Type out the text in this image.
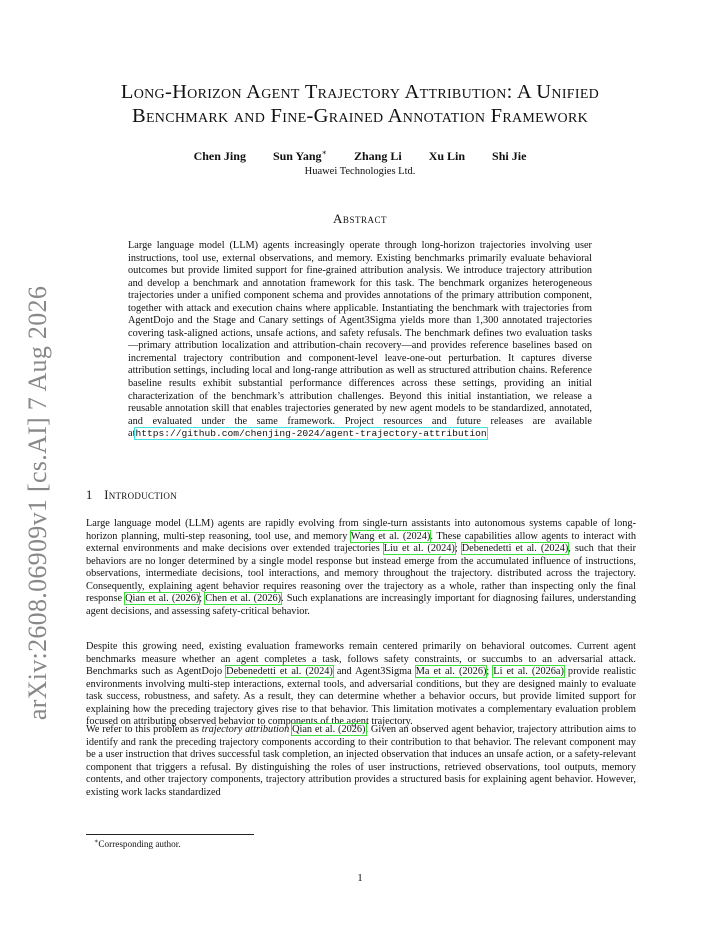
arXiv:2608.06909v1 [cs.AI] 7 Aug 2026
Long-Horizon Agent Trajectory Attribution: A Unified
Benchmark and Fine-Grained Annotation Framework
Chen Jing Sun Yang∗ Zhang Li Xu Lin Shi Jie
Huawei Technologies Ltd.
Abstract
Large language model (LLM) agents increasingly operate through long-horizon trajectories involving user instructions, tool use, external observations, and memory. Existing benchmarks primarily evaluate behavioral outcomes but provide limited support for fine-grained attribution analysis. We introduce trajectory attribution and develop a benchmark and annotation framework for this task. The benchmark organizes heterogeneous trajectories under a unified component schema and provides annotations of the primary attribution component, together with attack and execution chains where applicable. Instantiating the benchmark with trajectories from AgentDojo and the Stage and Canary settings of Agent3Sigma yields more than 1,300 annotated trajectories covering task-aligned actions, unsafe actions, and safety refusals. The benchmark defines two evaluation tasks—primary attribution localization and attribution-chain recovery—and provides reference baselines based on incremental trajectory contribution and component-level leave-one-out perturbation. It captures diverse attribution settings, including local and long-range attribution as well as structured attribution chains. Reference baseline results exhibit substantial performance differences across these settings, providing an initial characterization of the benchmark’s attribution challenges. Beyond this initial instantiation, we release a reusable annotation skill that enables trajectories generated by new agent models to be standardized, annotated, and evaluated under the same framework. Project resources and future releases are available athttps://github.com/chenjing-2024/agent-trajectory-attribution
1 Introduction
Large language model (LLM) agents are rapidly evolving from single-turn assistants into autonomous systems capable of long-horizon planning, multi-step reasoning, tool use, and memory Wang et al. (2024). These capabilities allow agents to interact with external environments and make decisions over extended trajectories Liu et al. (2024); Debenedetti et al. (2024), such that their behaviors are no longer determined by a single model response but instead emerge from the accumulated influence of instructions, observations, intermediate decisions, tool interactions, and memory throughout the trajectory. distributed across the trajectory. Consequently, explaining agent behavior requires reasoning over the trajectory as a whole, rather than inspecting only the final response Qian et al. (2026); Chen et al. (2026). Such explanations are increasingly important for diagnosing failures, understanding agent decisions, and assessing safety-critical behavior.
Despite this growing need, existing evaluation frameworks remain centered primarily on behavioral outcomes. Current agent benchmarks measure whether an agent completes a task, follows safety constraints, or succumbs to an adversarial attack. Benchmarks such as AgentDojo Debenedetti et al. (2024) and Agent3Sigma Ma et al. (2026); Li et al. (2026a) provide realistic environments involving multi-step interactions, external tools, and adversarial conditions, but they are designed mainly to evaluate task success, robustness, and safety. As a result, they can determine whether a behavior occurs, but provide limited support for explaining how the preceding trajectory gives rise to that behavior. This limitation motivates a complementary evaluation problem focused on attributing observed behavior to components of the agent trajectory.
We refer to this problem as trajectory attribution Qian et al. (2026). Given an observed agent behavior, trajectory attribution aims to identify and rank the preceding trajectory components according to their contribution to that behavior. The relevant component may be a user instruction that drives successful task completion, an injected observation that induces an unsafe action, or a safety-relevant component that triggers a refusal. By distinguishing the roles of user instructions, retrieved observations, tool outputs, memory contents, and other trajectory components, trajectory attribution provides a structured basis for explaining agent behavior. However, existing work lacks standardized
∗Corresponding author.
1
